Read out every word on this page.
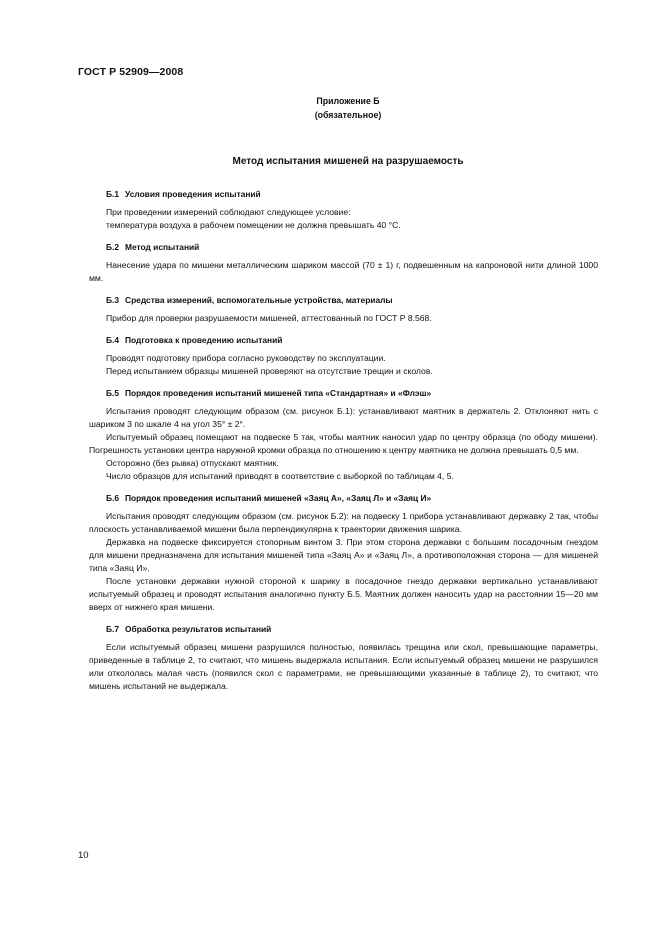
ГОСТ Р 52909—2008
Приложение Б
(обязательное)
Метод испытания мишеней на разрушаемость
Б.1 Условия проведения испытаний

При проведении измерений соблюдают следующее условие:

температура воздуха в рабочем помещении не должна превышать 40 °С.

Б.2 Метод испытаний

Нанесение удара по мишени металлическим шариком массой (70 ± 1) г, подвешенным на капроновой нити длиной 1000 мм.

Б.3 Средства измерений, вспомогательные устройства, материалы

Прибор для проверки разрушаемости мишеней, аттестованный по ГОСТ Р 8.568.

Б.4 Подготовка к проведению испытаний

Проводят подготовку прибора согласно руководству по эксплуатации.

Перед испытанием образцы мишеней проверяют на отсутствие трещин и сколов.

Б.5 Порядок проведения испытаний мишеней типа «Стандартная» и «Флэш»

Испытания проводят следующим образом (см. рисунок Б.1): устанавливают маятник в держатель 2. Отклоняют нить с шариком 3 по шкале 4 на угол 35° ± 2°.

Испытуемый образец помещают на подвеске 5 так, чтобы маятник наносил удар по центру образца (по ободу мишени). Погрешность установки центра наружной кромки образца по отношению к центру маятника не должна превышать 0,5 мм.

Осторожно (без рывка) отпускают маятник.

Число образцов для испытаний приводят в соответствие с выборкой по таблицам 4, 5.

Б.6 Порядок проведения испытаний мишеней «Заяц А», «Заяц Л» и «Заяц И»

Испытания проводят следующим образом (см. рисунок Б.2): на подвеску 1 прибора устанавливают державку 2 так, чтобы плоскость устанавливаемой мишени была перпендикулярна к траектории движения шарика.

Державка на подвеске фиксируется стопорным винтом 3. При этом сторона державки с большим посадочным гнездом для мишени предназначена для испытания мишеней типа «Заяц А» и «Заяц Л», а противоположная сторона — для мишеней типа «Заяц И».

После установки державки нужной стороной к шарику в посадочное гнездо державки вертикально устанавливают испытуемый образец и проводят испытания аналогично пункту Б.5. Маятник должен наносить удар на расстоянии 15—20 мм вверх от нижнего края мишени.

Б.7 Обработка результатов испытаний

Если испытуемый образец мишени разрушился полностью, появилась трещина или скол, превышающие параметры, приведенные в таблице 2, то считают, что мишень выдержала испытания. Если испытуемый образец мишени не разрушился или откололась малая часть (появился скол с параметрами, не превышающими указанные в таблице 2), то считают, что мишень испытаний не выдержала.

10
